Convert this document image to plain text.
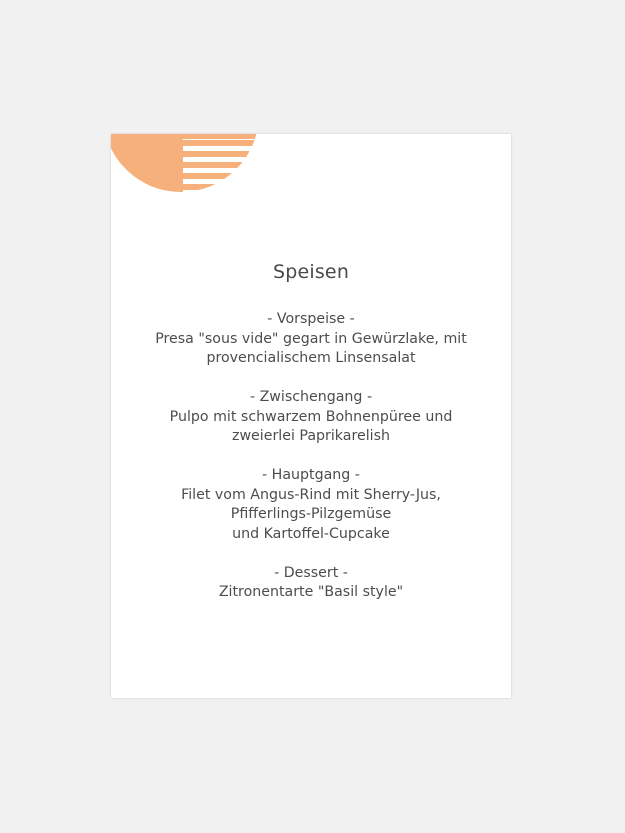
Speisen
- Vorspeise -
Presa "sous vide" gegart in Gewürzlake, mit
provencialischem Linsensalat
- Zwischengang -
Pulpo mit schwarzem Bohnenpüree und
zweierlei Paprikarelish
- Hauptgang -
Filet vom Angus-Rind mit Sherry-Jus,
Pfifferlings-Pilzgemüse
und Kartoffel-Cupcake
- Dessert -
Zitronentarte "Basil style"
